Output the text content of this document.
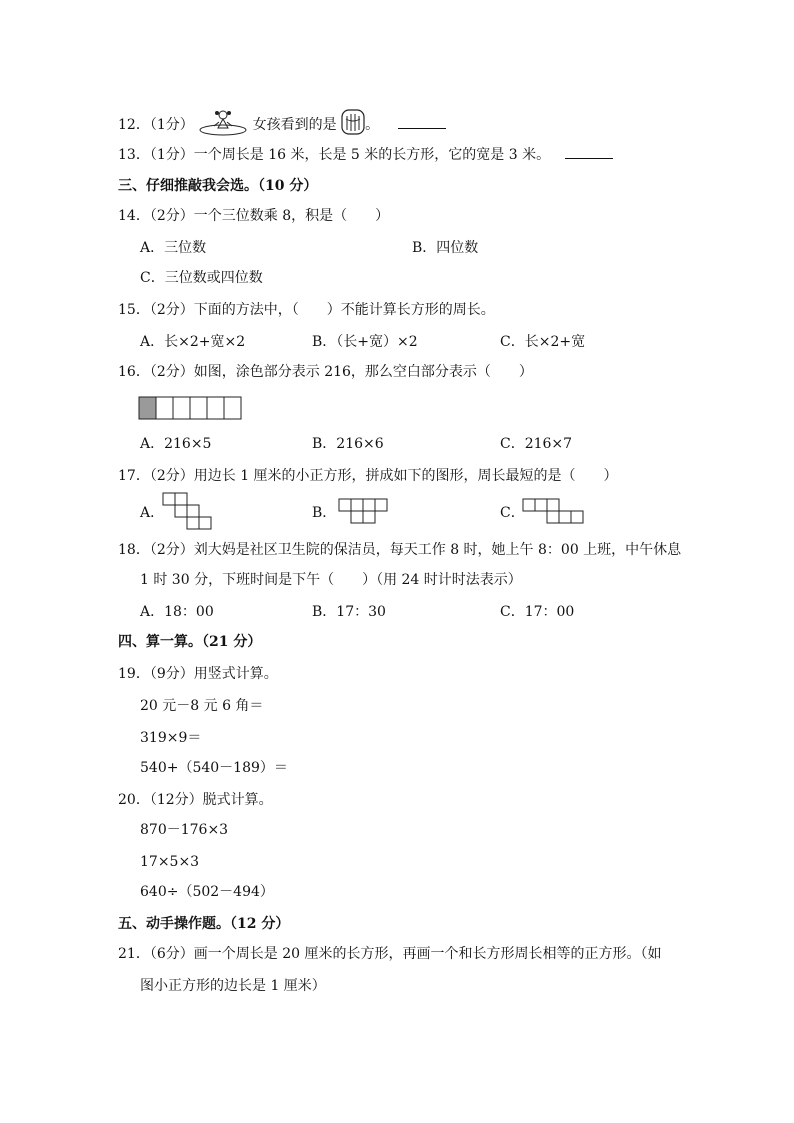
12．（1分）	女孩看到的是 。
13．（1分）一个周长是 16 米，长是 5 米的长方形，它的宽是 3 米。
三、仔细推敲我会选。（10 分）
14．（2分）一个三位数乘 8，积是（　　）
A．三位数	B．四位数
C．三位数或四位数
15．（2分）下面的方法中，（　　）不能计算长方形的周长。
A．长×2+宽×2	B．（长+宽）×2	C．长×2+宽
16．（2分）如图，涂色部分表示 216，那么空白部分表示（　　）
A．216×5	B．216×6	C．216×7
17．（2分）用边长 1 厘米的小正方形，拼成如下的图形，周长最短的是（　　）
A．	B．	C．
18．（2分）刘大妈是社区卫生院的保洁员，每天工作 8 时，她上午 8：00 上班，中午休息
1 时 30 分，下班时间是下午（　　）（用 24 时计时法表示）
A．18：00	B．17：30	C．17：00
四、算一算。（21 分）
19．（9分）用竖式计算。
20 元－8 元 6 角＝
319×9＝
540+（540－189）＝
20．（12分）脱式计算。
870－176×3
17×5×3
640÷（502－494）
五、动手操作题。（12 分）
21．（6分）画一个周长是 20 厘米的长方形，再画一个和长方形周长相等的正方形。（如
图小正方形的边长是 1 厘米）
